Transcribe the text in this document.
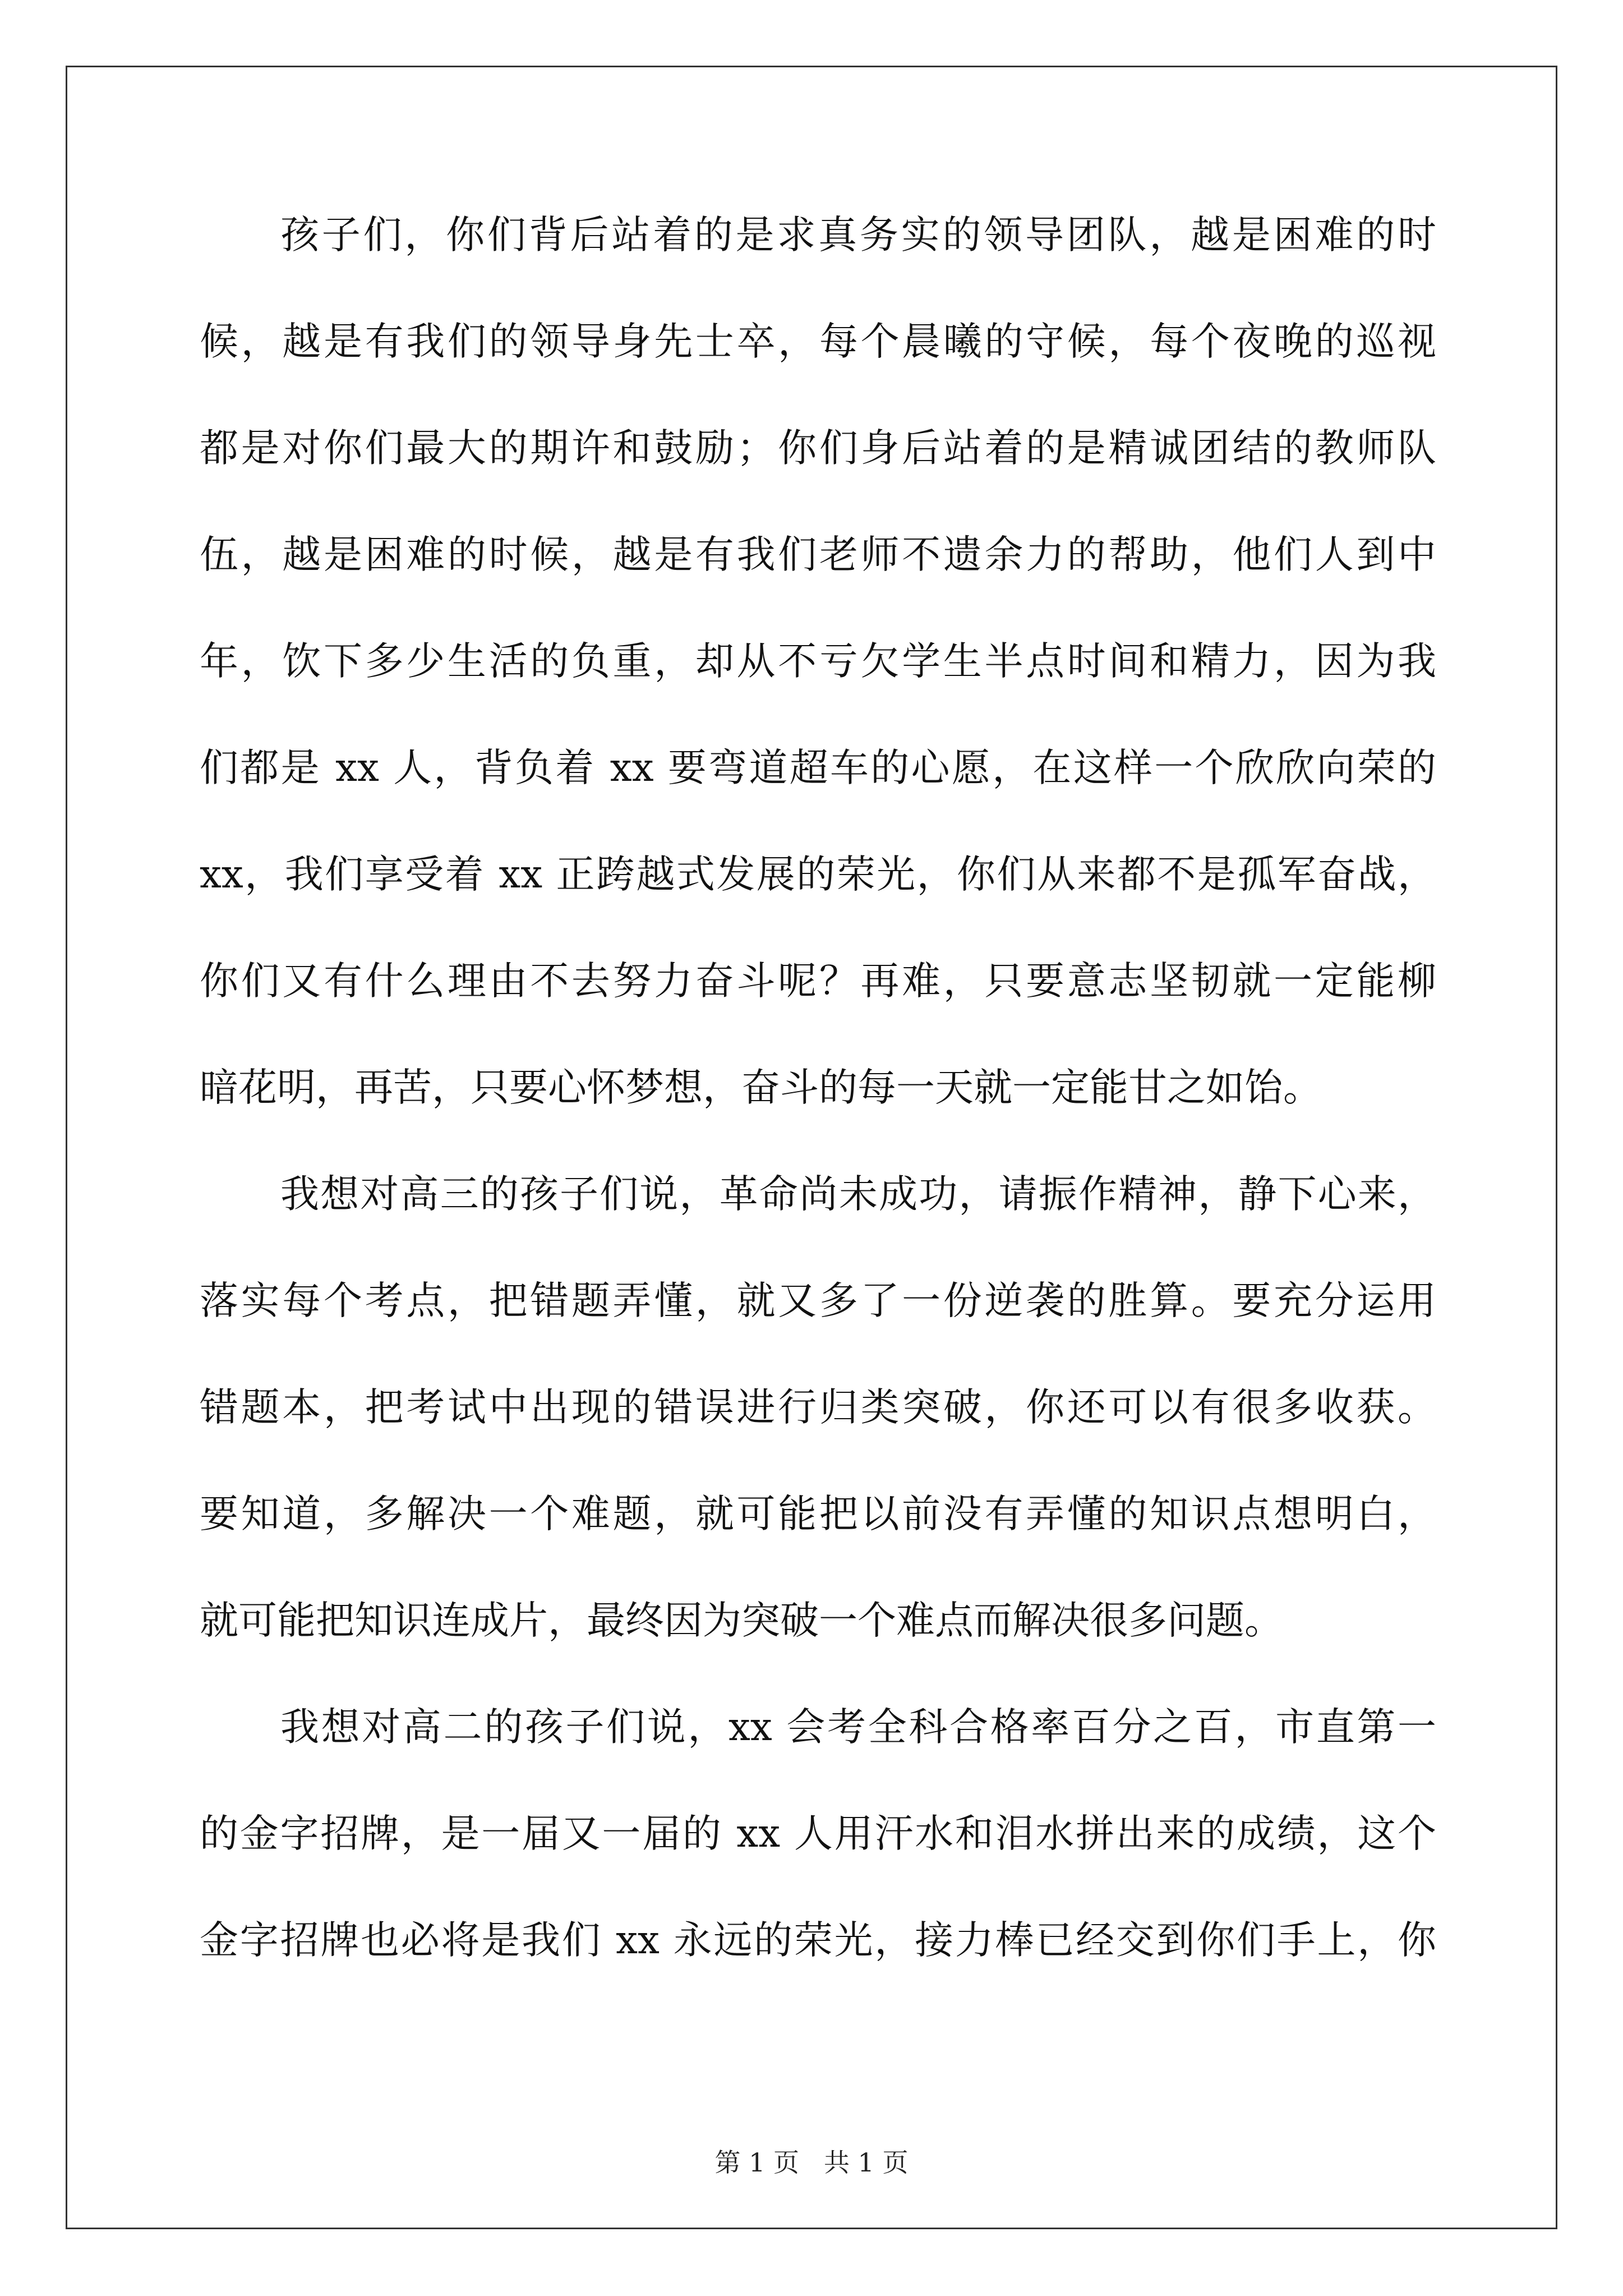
孩子们，你们背后站着的是求真务实的领导团队，越是困难的时
候，越是有我们的领导身先士卒，每个晨曦的守候，每个夜晚的巡视
都是对你们最大的期许和鼓励；你们身后站着的是精诚团结的教师队
伍，越是困难的时候，越是有我们老师不遗余力的帮助，他们人到中
年，饮下多少生活的负重，却从不亏欠学生半点时间和精力，因为我
们都是 xx 人，背负着 xx 要弯道超车的心愿，在这样一个欣欣向荣的
xx，我们享受着 xx 正跨越式发展的荣光，你们从来都不是孤军奋战，
你们又有什么理由不去努力奋斗呢？再难，只要意志坚韧就一定能柳
暗花明，再苦，只要心怀梦想，奋斗的每一天就一定能甘之如饴。
我想对高三的孩子们说，革命尚未成功，请振作精神，静下心来，
落实每个考点，把错题弄懂，就又多了一份逆袭的胜算。要充分运用
错题本，把考试中出现的错误进行归类突破，你还可以有很多收获。
要知道，多解决一个难题，就可能把以前没有弄懂的知识点想明白，
就可能把知识连成片，最终因为突破一个难点而解决很多问题。
我想对高二的孩子们说，xx 会考全科合格率百分之百，市直第一
的金字招牌，是一届又一届的 xx 人用汗水和泪水拼出来的成绩，这个
金字招牌也必将是我们 xx 永远的荣光，接力棒已经交到你们手上，你
第 1 页 共 1 页
